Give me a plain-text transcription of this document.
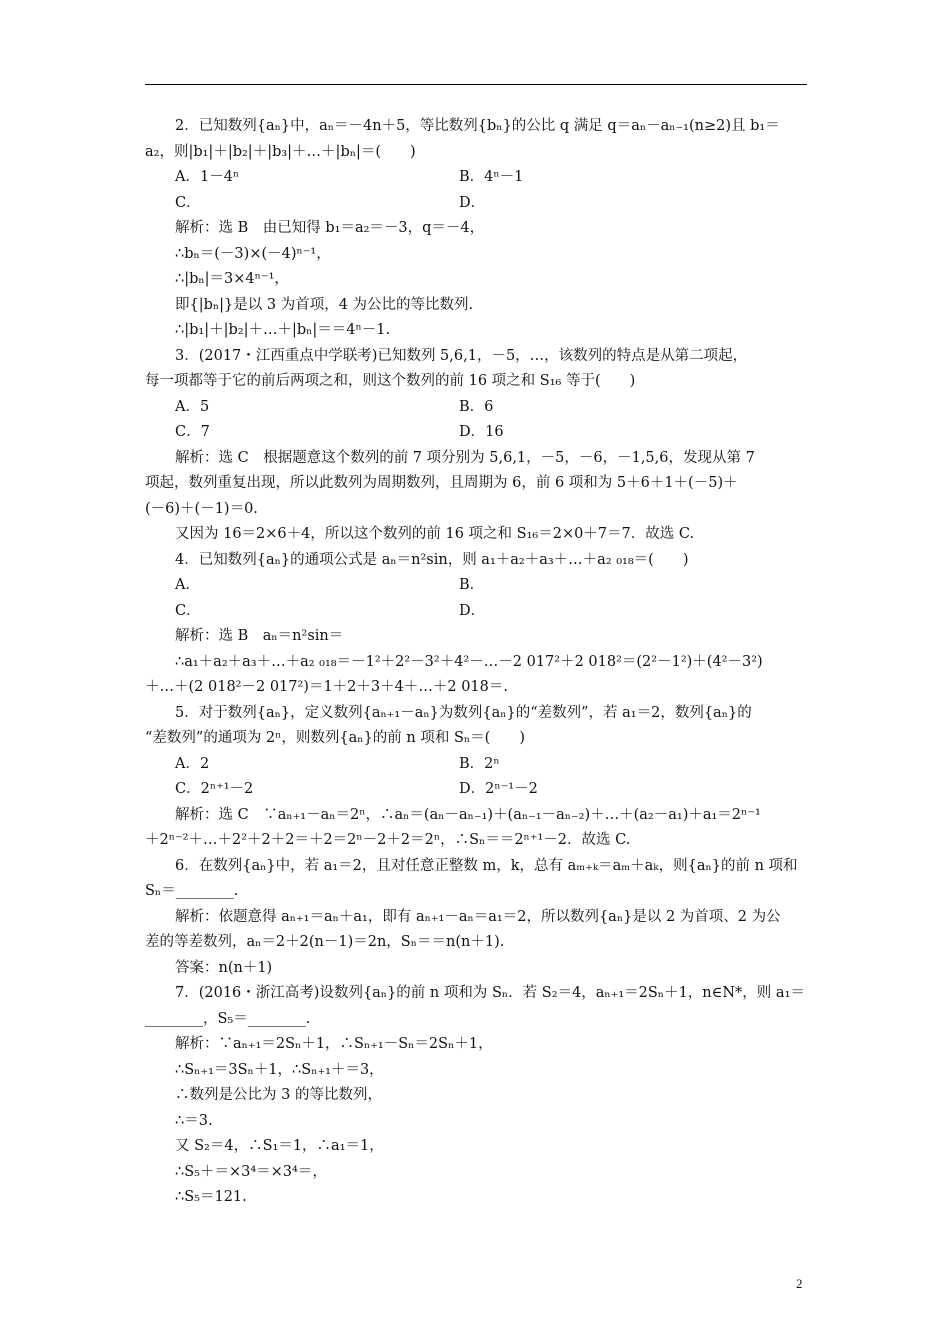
2．已知数列{aₙ}中，aₙ＝－4n＋5，等比数列{bₙ}的公比 q 满足 q＝aₙ－aₙ₋₁(n≥2)且 b₁＝
a₂，则|b₁|＋|b₂|＋|b₃|＋…＋|bₙ|＝(　　)
A．1－4ⁿ	B．4ⁿ－1
C．	D．
解析：选 B　由已知得 b₁＝a₂＝－3，q＝－4，
∴bₙ＝(－3)×(－4)ⁿ⁻¹，
∴|bₙ|＝3×4ⁿ⁻¹，
即{|bₙ|}是以 3 为首项，4 为公比的等比数列.
∴|b₁|＋|b₂|＋…＋|bₙ|＝＝4ⁿ－1.
3．(2017・江西重点中学联考)已知数列 5,6,1，－5，…，该数列的特点是从第二项起，
每一项都等于它的前后两项之和，则这个数列的前 16 项之和 S₁₆ 等于(　　)
A．5	B．6
C．7	D．16
解析：选 C　根据题意这个数列的前 7 项分别为 5,6,1，－5，－6，－1,5,6，发现从第 7
项起，数列重复出现，所以此数列为周期数列，且周期为 6，前 6 项和为 5＋6＋1＋(－5)＋
(－6)＋(－1)＝0.
又因为 16＝2×6＋4，所以这个数列的前 16 项之和 S₁₆＝2×0＋7＝7．故选 C.
4．已知数列{aₙ}的通项公式是 aₙ＝n²sin，则 a₁＋a₂＋a₃＋…＋a₂ ₀₁₈＝(　　)
A．	B．
C．	D．
解析：选 B　aₙ＝n²sin＝
∴a₁＋a₂＋a₃＋…＋a₂ ₀₁₈＝－1²＋2²－3²＋4²－…－2 017²＋2 018²＝(2²－1²)＋(4²－3²)
＋…＋(2 018²－2 017²)＝1＋2＋3＋4＋…＋2 018＝.
5．对于数列{aₙ}，定义数列{aₙ₊₁－aₙ}为数列{aₙ}的“差数列”，若 a₁＝2，数列{aₙ}的
“差数列”的通项为 2ⁿ，则数列{aₙ}的前 n 项和 Sₙ＝(　　)
A．2	B．2ⁿ
C．2ⁿ⁺¹－2	D．2ⁿ⁻¹－2
解析：选 C　∵aₙ₊₁－aₙ＝2ⁿ，∴aₙ＝(aₙ－aₙ₋₁)＋(aₙ₋₁－aₙ₋₂)＋…＋(a₂－a₁)＋a₁＝2ⁿ⁻¹
＋2ⁿ⁻²＋…＋2²＋2＋2＝＋2＝2ⁿ－2＋2＝2ⁿ，∴Sₙ＝＝2ⁿ⁺¹－2．故选 C.
6．在数列{aₙ}中，若 a₁＝2，且对任意正整数 m，k，总有 aₘ₊ₖ＝aₘ＋aₖ，则{aₙ}的前 n 项和
Sₙ＝________.
解析：依题意得 aₙ₊₁＝aₙ＋a₁，即有 aₙ₊₁－aₙ＝a₁＝2，所以数列{aₙ}是以 2 为首项、2 为公
差的等差数列，aₙ＝2＋2(n－1)＝2n，Sₙ＝＝n(n＋1).
答案：n(n＋1)
7．(2016・浙江高考)设数列{aₙ}的前 n 项和为 Sₙ．若 S₂＝4，aₙ₊₁＝2Sₙ＋1，n∈N*，则 a₁＝
________，S₅＝________.
解析：∵aₙ₊₁＝2Sₙ＋1，∴Sₙ₊₁－Sₙ＝2Sₙ＋1，
∴Sₙ₊₁＝3Sₙ＋1，∴Sₙ₊₁＋＝3，
∴数列是公比为 3 的等比数列，
∴＝3.
又 S₂＝4，∴S₁＝1，∴a₁＝1，
∴S₅＋＝×3⁴＝×3⁴＝，
∴S₅＝121.
2
